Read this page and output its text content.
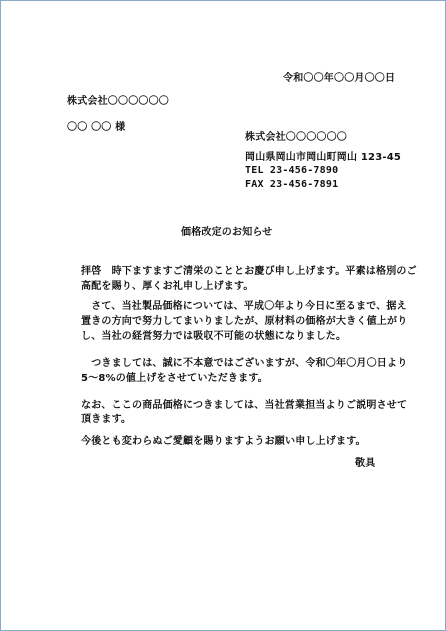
令和〇〇年〇〇月〇〇日
株式会社〇〇〇〇〇〇
〇〇 〇〇 様
株式会社〇〇〇〇〇〇
岡山県岡山市岡山町岡山 123-45
TEL 23-456-7890
FAX 23-456-7891
価格改定のお知らせ
拝啓　時下ますますご清栄のこととお慶び申し上げます。平素は格別のご
高配を賜り、厚くお礼申し上げます。
　さて、当社製品価格については、平成〇年より今日に至るまで、据え
置きの方向で努力してまいりましたが、原材料の価格が大きく値上がり
し、当社の経営努力では吸収不可能の状態になりました。
　つきましては、誠に不本意ではございますが、令和〇年〇月〇日より
5～8%の値上げをさせていただきます。
なお、ここの商品価格につきましては、当社営業担当よりご説明させて
頂きます。
今後とも変わらぬご愛顧を賜りますようお願い申し上げます。
敬具
